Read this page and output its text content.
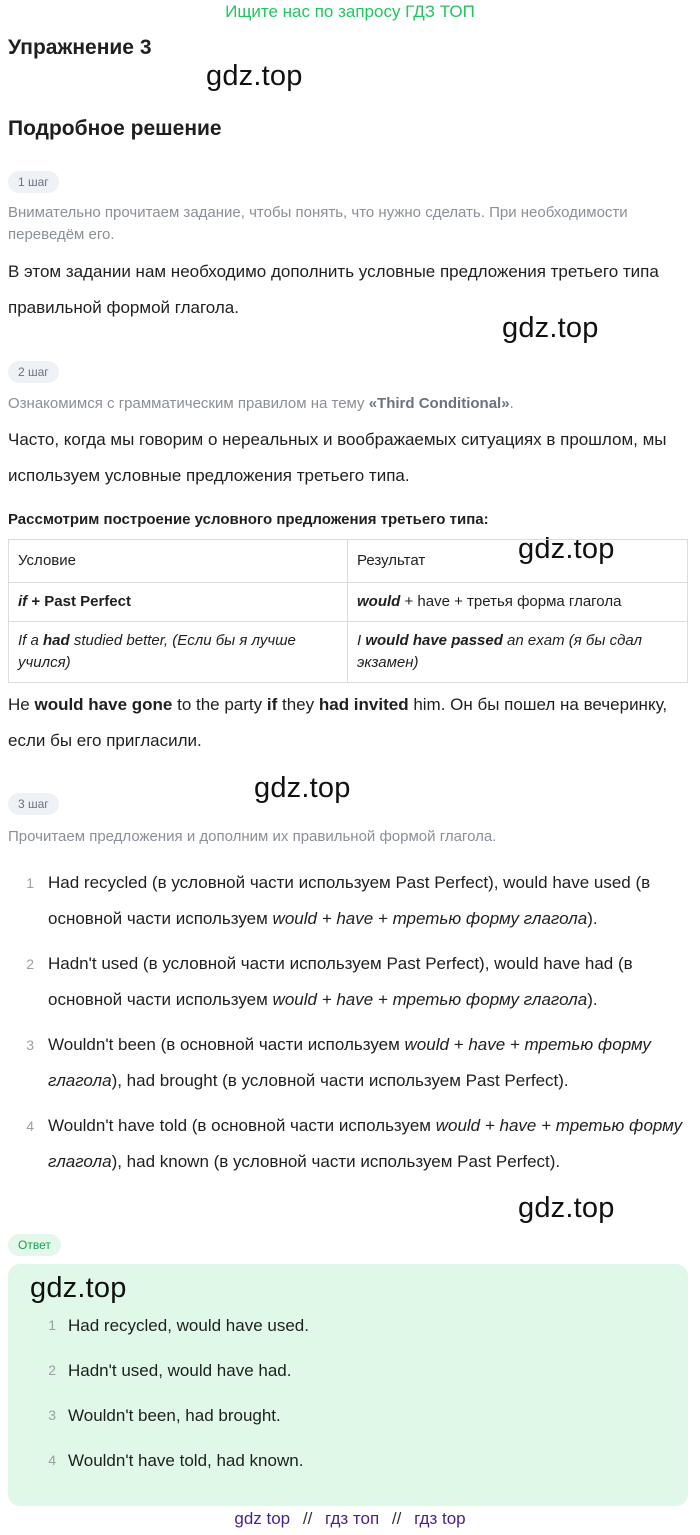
Ищите нас по запросу ГДЗ ТОП
Упражнение 3
gdz.top
Подробное решение
1 шаг
Внимательно прочитаем задание, чтобы понять, что нужно сделать. При необходимости переведём его.
В этом задании нам необходимо дополнить условные предложения третьего типа правильной формой глагола.
gdz.top
2 шаг
Ознакомимся с грамматическим правилом на тему «Third Conditional».
Часто, когда мы говорим о нереальных и воображаемых ситуациях в прошлом, мы используем условные предложения третьего типа.
Рассмотрим построение условного предложения третьего типа:
gdz.top
Условие	Результат
if + Past Perfect	would + have + третья форма глагола
If a had studied better, (Если бы я лучше учился)	I would have passed an exam (я бы сдал экзамен)
He would have gone to the party if they had invited him. Он бы пошел на вечеринку, если бы его пригласили.
gdz.top
3 шаг
Прочитаем предложения и дополним их правильной формой глагола.
1 Had recycled (в условной части используем Past Perfect), would have used (в основной части используем would + have + третью форму глагола).
2 Hadn't used (в условной части используем Past Perfect), would have had (в основной части используем would + have + третью форму глагола).
3 Wouldn't been (в основной части используем would + have + третью форму глагола), had brought (в условной части используем Past Perfect).
4 Wouldn't have told (в основной части используем would + have + третью форму глагола), had known (в условной части используем Past Perfect).
gdz.top
Ответ
gdz.top
1 Had recycled, would have used.
2 Hadn't used, would have had.
3 Wouldn't been, had brought.
4 Wouldn't have told, had known.
gdz top // гдз топ // гдз top
